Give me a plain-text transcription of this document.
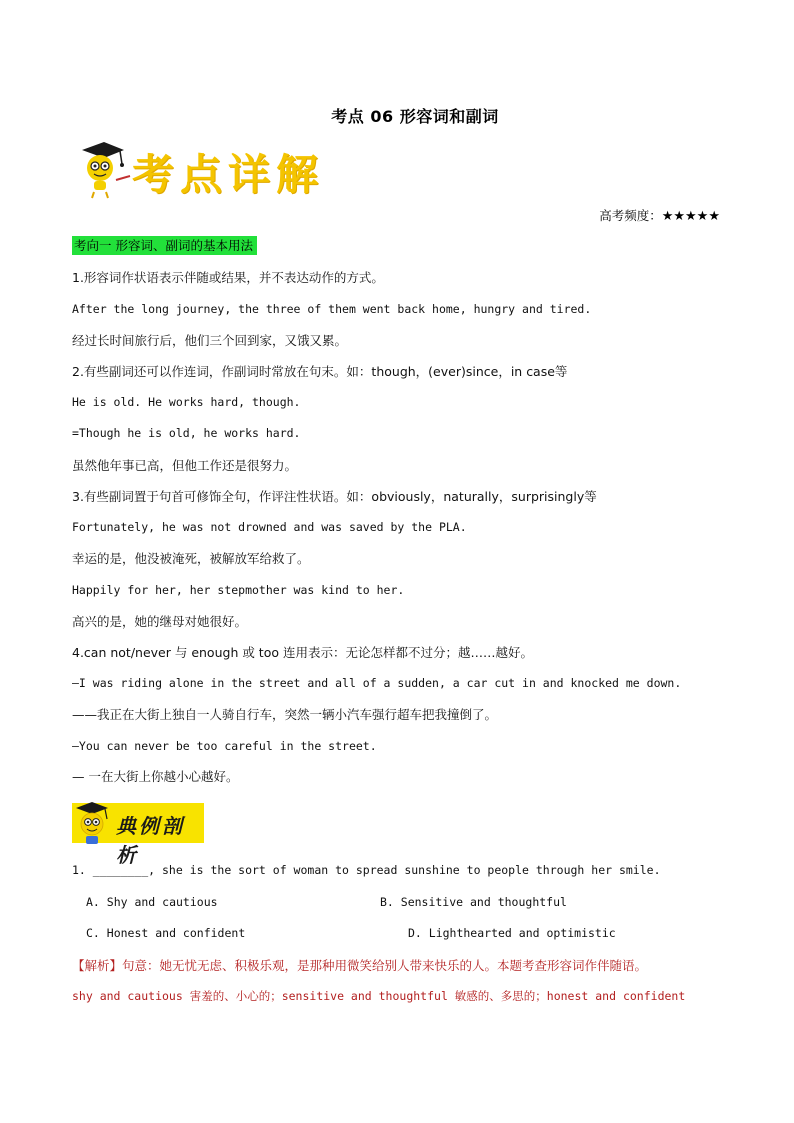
考点 06 形容词和副词
考点详解
高考频度：★★★★★
考向一 形容词、副词的基本用法
1.形容词作状语表示伴随或结果，并不表达动作的方式。
After the long journey, the three of them went back home, hungry and tired.
经过长时间旅行后，他们三个回到家，又饿又累。
2.有些副词还可以作连词，作副词时常放在句末。如：though，(ever)since，in case等
He is old. He works hard, though.
=Though he is old, he works hard.
虽然他年事已高，但他工作还是很努力。
3.有些副词置于句首可修饰全句，作评注性状语。如：obviously，naturally，surprisingly等
Fortunately, he was not drowned and was saved by the PLA.
幸运的是，他没被淹死，被解放军给救了。
Happily for her, her stepmother was kind to her.
高兴的是，她的继母对她很好。
4.can not/never 与 enough 或 too 连用表示：无论怎样都不过分；越……越好。
—I was riding alone in the street and all of a sudden, a car cut in and knocked me down.
——我正在大街上独自一人骑自行车，突然一辆小汽车强行超车把我撞倒了。
—You can never be too careful in the street.
— 一在大街上你越小心越好。
典例剖析
1. ________, she is the sort of woman to spread sunshine to people through her smile.
A. Shy and cautious	B. Sensitive and thoughtful
C. Honest and confident	D. Lighthearted and optimistic
【解析】句意：她无忧无虑、积极乐观，是那种用微笑给别人带来快乐的人。本题考查形容词作伴随语。
shy and cautious 害羞的、小心的；sensitive and thoughtful 敏感的、多思的；honest and confident
